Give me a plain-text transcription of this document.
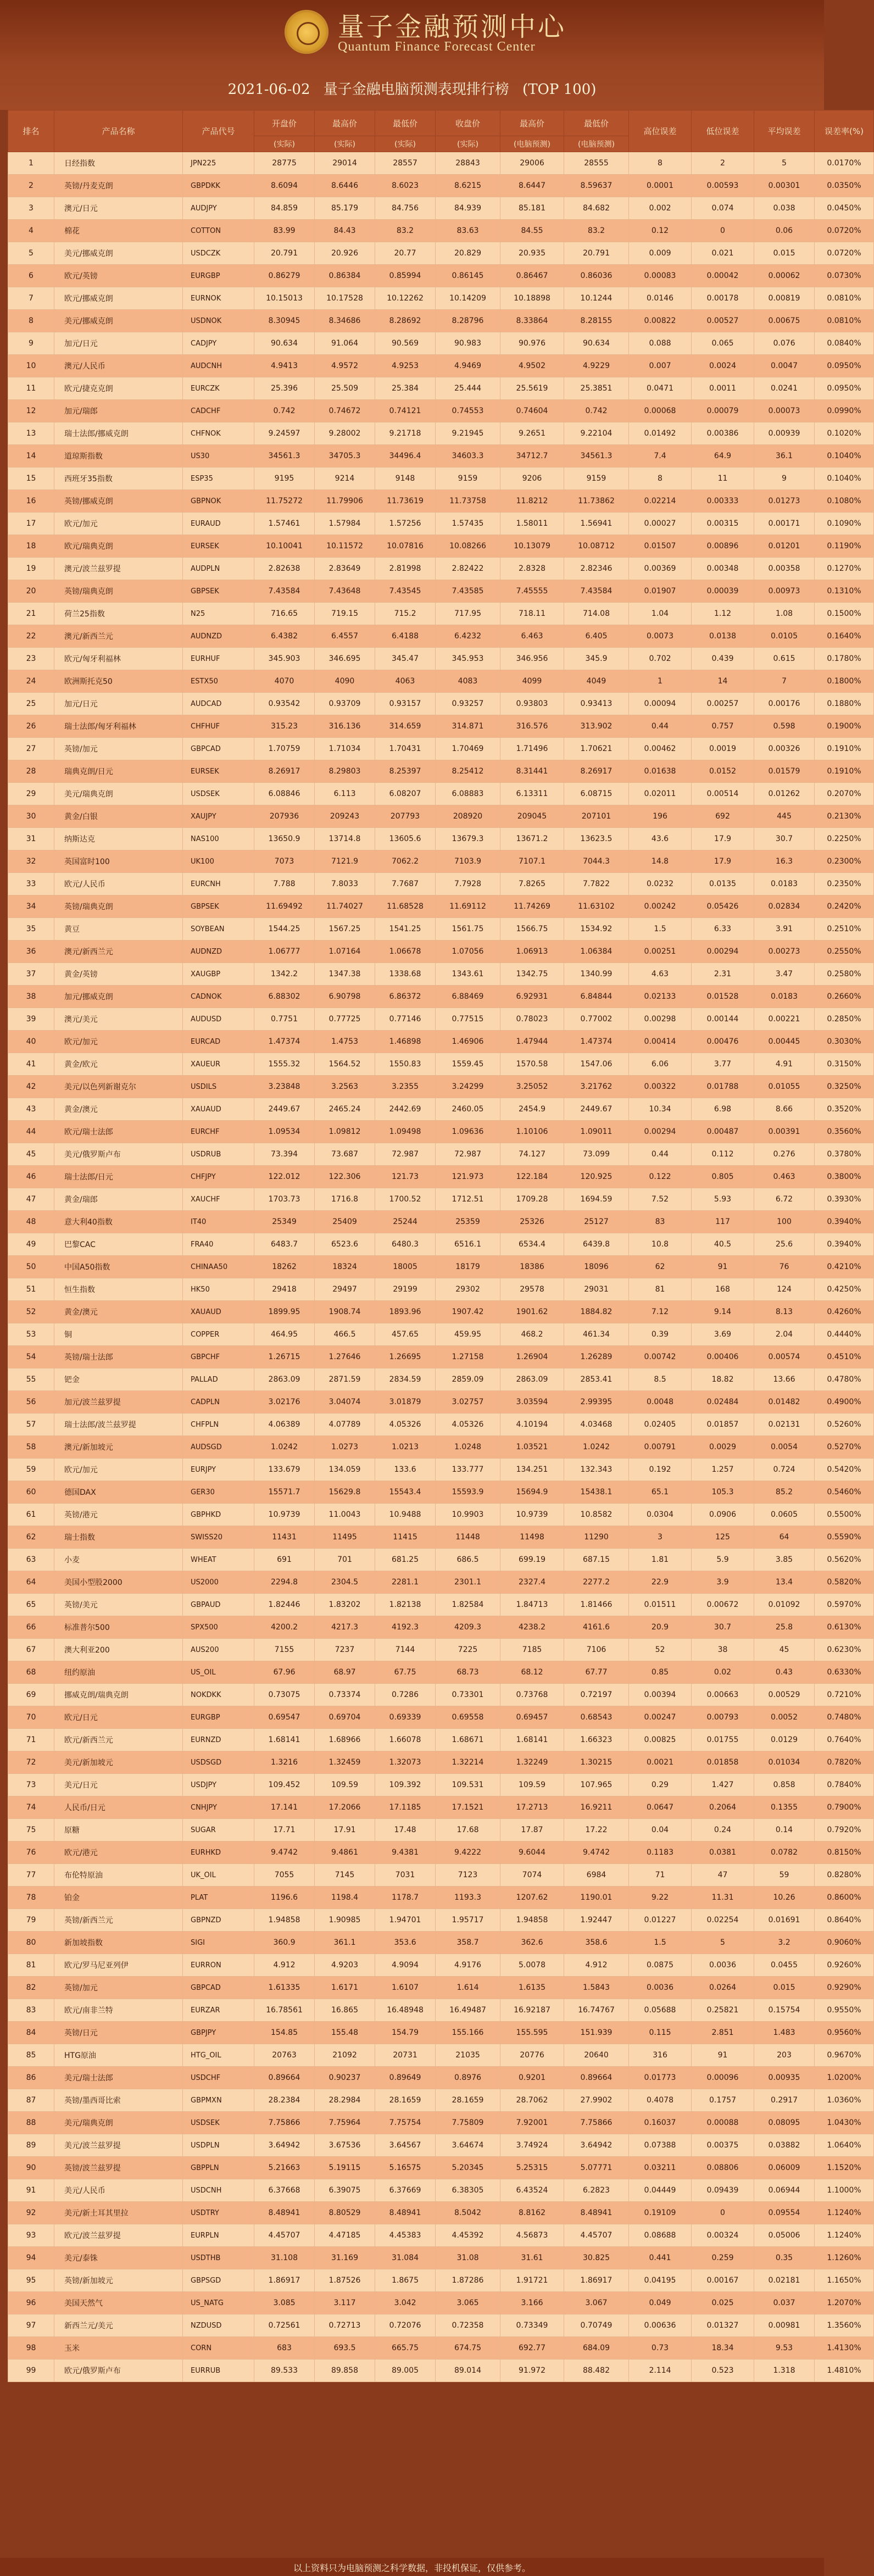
量子金融预测中心
Quantum Finance Forecast Center
2021-06-02 量子金融电脑预测表现排行榜 (TOP 100)
排名	产品名称	产品代号	开盘价	最高价	最低价	收盘价	最高价	最低价	高位误差	低位误差	平均误差	误差率(%)
			(实际)	(实际)	(实际)	(实际)	(电脑预测)	(电脑预测)				
1	日经指数	JPN225	28775	29014	28557	28843	29006	28555	8	2	5	0.0170%
2	英镑/丹麦克朗	GBPDKK	8.6094	8.6446	8.6023	8.6215	8.6447	8.59637	0.0001	0.00593	0.00301	0.0350%
3	澳元/日元	AUDJPY	84.859	85.179	84.756	84.939	85.181	84.682	0.002	0.074	0.038	0.0450%
4	棉花	COTTON	83.99	84.43	83.2	83.63	84.55	83.2	0.12	0	0.06	0.0720%
5	美元/挪威克朗	USDCZK	20.791	20.926	20.77	20.829	20.935	20.791	0.009	0.021	0.015	0.0720%
6	欧元/英镑	EURGBP	0.86279	0.86384	0.85994	0.86145	0.86467	0.86036	0.00083	0.00042	0.00062	0.0730%
7	欧元/挪威克朗	EURNOK	10.15013	10.17528	10.12262	10.14209	10.18898	10.1244	0.0146	0.00178	0.00819	0.0810%
8	美元/挪威克朗	USDNOK	8.30945	8.34686	8.28692	8.28796	8.33864	8.28155	0.00822	0.00527	0.00675	0.0810%
9	加元/日元	CADJPY	90.634	91.064	90.569	90.983	90.976	90.634	0.088	0.065	0.076	0.0840%
10	澳元/人民币	AUDCNH	4.9413	4.9572	4.9253	4.9469	4.9502	4.9229	0.007	0.0024	0.0047	0.0950%
11	欧元/捷克克朗	EURCZK	25.396	25.509	25.384	25.444	25.5619	25.3851	0.0471	0.0011	0.0241	0.0950%
12	加元/瑞郎	CADCHF	0.742	0.74672	0.74121	0.74553	0.74604	0.742	0.00068	0.00079	0.00073	0.0990%
13	瑞士法郎/挪威克朗	CHFNOK	9.24597	9.28002	9.21718	9.21945	9.2651	9.22104	0.01492	0.00386	0.00939	0.1020%
14	道琼斯指数	US30	34561.3	34705.3	34496.4	34603.3	34712.7	34561.3	7.4	64.9	36.1	0.1040%
15	西班牙35指数	ESP35	9195	9214	9148	9159	9206	9159	8	11	9	0.1040%
16	英镑/挪威克朗	GBPNOK	11.75272	11.79906	11.73619	11.73758	11.8212	11.73862	0.02214	0.00333	0.01273	0.1080%
17	欧元/加元	EURAUD	1.57461	1.57984	1.57256	1.57435	1.58011	1.56941	0.00027	0.00315	0.00171	0.1090%
18	欧元/瑞典克朗	EURSEK	10.10041	10.11572	10.07816	10.08266	10.13079	10.08712	0.01507	0.00896	0.01201	0.1190%
19	澳元/波兰兹罗提	AUDPLN	2.82638	2.83649	2.81998	2.82422	2.8328	2.82346	0.00369	0.00348	0.00358	0.1270%
20	英镑/瑞典克朗	GBPSEK	7.43584	7.43648	7.43545	7.43585	7.45555	7.43584	0.01907	0.00039	0.00973	0.1310%
21	荷兰25指数	N25	716.65	719.15	715.2	717.95	718.11	714.08	1.04	1.12	1.08	0.1500%
22	澳元/新西兰元	AUDNZD	6.4382	6.4557	6.4188	6.4232	6.463	6.405	0.0073	0.0138	0.0105	0.1640%
23	欧元/匈牙利福林	EURHUF	345.903	346.695	345.47	345.953	346.956	345.9	0.702	0.439	0.615	0.1780%
24	欧洲斯托克50	ESTX50	4070	4090	4063	4083	4099	4049	1	14	7	0.1800%
25	加元/日元	AUDCAD	0.93542	0.93709	0.93157	0.93257	0.93803	0.93413	0.00094	0.00257	0.00176	0.1880%
26	瑞士法郎/匈牙利福林	CHFHUF	315.23	316.136	314.659	314.871	316.576	313.902	0.44	0.757	0.598	0.1900%
27	英镑/加元	GBPCAD	1.70759	1.71034	1.70431	1.70469	1.71496	1.70621	0.00462	0.0019	0.00326	0.1910%
28	瑞典克朗/日元	EURSEK	8.26917	8.29803	8.25397	8.25412	8.31441	8.26917	0.01638	0.0152	0.01579	0.1910%
29	美元/瑞典克朗	USDSEK	6.08846	6.113	6.08207	6.08883	6.13311	6.08715	0.02011	0.00514	0.01262	0.2070%
30	黄金/白银	XAUJPY	207936	209243	207793	208920	209045	207101	196	692	445	0.2130%
31	纳斯达克	NAS100	13650.9	13714.8	13605.6	13679.3	13671.2	13623.5	43.6	17.9	30.7	0.2250%
32	英国富时100	UK100	7073	7121.9	7062.2	7103.9	7107.1	7044.3	14.8	17.9	16.3	0.2300%
33	欧元/人民币	EURCNH	7.788	7.8033	7.7687	7.7928	7.8265	7.7822	0.0232	0.0135	0.0183	0.2350%
34	英镑/瑞典克朗	GBPSEK	11.69492	11.74027	11.68528	11.69112	11.74269	11.63102	0.00242	0.05426	0.02834	0.2420%
35	黄豆	SOYBEAN	1544.25	1567.25	1541.25	1561.75	1566.75	1534.92	1.5	6.33	3.91	0.2510%
36	澳元/新西兰元	AUDNZD	1.06777	1.07164	1.06678	1.07056	1.06913	1.06384	0.00251	0.00294	0.00273	0.2550%
37	黄金/英镑	XAUGBP	1342.2	1347.38	1338.68	1343.61	1342.75	1340.99	4.63	2.31	3.47	0.2580%
38	加元/挪威克朗	CADNOK	6.88302	6.90798	6.86372	6.88469	6.92931	6.84844	0.02133	0.01528	0.0183	0.2660%
39	澳元/美元	AUDUSD	0.7751	0.77725	0.77146	0.77515	0.78023	0.77002	0.00298	0.00144	0.00221	0.2850%
40	欧元/加元	EURCAD	1.47374	1.4753	1.46898	1.46906	1.47944	1.47374	0.00414	0.00476	0.00445	0.3030%
41	黄金/欧元	XAUEUR	1555.32	1564.52	1550.83	1559.45	1570.58	1547.06	6.06	3.77	4.91	0.3150%
42	美元/以色列新谢克尔	USDILS	3.23848	3.2563	3.2355	3.24299	3.25052	3.21762	0.00322	0.01788	0.01055	0.3250%
43	黄金/澳元	XAUAUD	2449.67	2465.24	2442.69	2460.05	2454.9	2449.67	10.34	6.98	8.66	0.3520%
44	欧元/瑞士法郎	EURCHF	1.09534	1.09812	1.09498	1.09636	1.10106	1.09011	0.00294	0.00487	0.00391	0.3560%
45	美元/俄罗斯卢布	USDRUB	73.394	73.687	72.987	72.987	74.127	73.099	0.44	0.112	0.276	0.3780%
46	瑞士法郎/日元	CHFJPY	122.012	122.306	121.73	121.973	122.184	120.925	0.122	0.805	0.463	0.3800%
47	黄金/瑞郎	XAUCHF	1703.73	1716.8	1700.52	1712.51	1709.28	1694.59	7.52	5.93	6.72	0.3930%
48	意大利40指数	IT40	25349	25409	25244	25359	25326	25127	83	117	100	0.3940%
49	巴黎CAC	FRA40	6483.7	6523.6	6480.3	6516.1	6534.4	6439.8	10.8	40.5	25.6	0.3940%
50	中国A50指数	CHINAA50	18262	18324	18005	18179	18386	18096	62	91	76	0.4210%
51	恒生指数	HK50	29418	29497	29199	29302	29578	29031	81	168	124	0.4250%
52	黄金/澳元	XAUAUD	1899.95	1908.74	1893.96	1907.42	1901.62	1884.82	7.12	9.14	8.13	0.4260%
53	铜	COPPER	464.95	466.5	457.65	459.95	468.2	461.34	0.39	3.69	2.04	0.4440%
54	英镑/瑞士法郎	GBPCHF	1.26715	1.27646	1.26695	1.27158	1.26904	1.26289	0.00742	0.00406	0.00574	0.4510%
55	钯金	PALLAD	2863.09	2871.59	2834.59	2859.09	2863.09	2853.41	8.5	18.82	13.66	0.4780%
56	加元/波兰兹罗提	CADPLN	3.02176	3.04074	3.01879	3.02757	3.03594	2.99395	0.0048	0.02484	0.01482	0.4900%
57	瑞士法郎/波兰兹罗提	CHFPLN	4.06389	4.07789	4.05326	4.05326	4.10194	4.03468	0.02405	0.01857	0.02131	0.5260%
58	澳元/新加坡元	AUDSGD	1.0242	1.0273	1.0213	1.0248	1.03521	1.0242	0.00791	0.0029	0.0054	0.5270%
59	欧元/加元	EURJPY	133.679	134.059	133.6	133.777	134.251	132.343	0.192	1.257	0.724	0.5420%
60	德国DAX	GER30	15571.7	15629.8	15543.4	15593.9	15694.9	15438.1	65.1	105.3	85.2	0.5460%
61	英镑/港元	GBPHKD	10.9739	11.0043	10.9488	10.9903	10.9739	10.8582	0.0304	0.0906	0.0605	0.5500%
62	瑞士指数	SWISS20	11431	11495	11415	11448	11498	11290	3	125	64	0.5590%
63	小麦	WHEAT	691	701	681.25	686.5	699.19	687.15	1.81	5.9	3.85	0.5620%
64	美国小型股2000	US2000	2294.8	2304.5	2281.1	2301.1	2327.4	2277.2	22.9	3.9	13.4	0.5820%
65	英镑/美元	GBPAUD	1.82446	1.83202	1.82138	1.82584	1.84713	1.81466	0.01511	0.00672	0.01092	0.5970%
66	标准普尔500	SPX500	4200.2	4217.3	4192.3	4209.3	4238.2	4161.6	20.9	30.7	25.8	0.6130%
67	澳大利亚200	AUS200	7155	7237	7144	7225	7185	7106	52	38	45	0.6230%
68	纽约原油	US_OIL	67.96	68.97	67.75	68.73	68.12	67.77	0.85	0.02	0.43	0.6330%
69	挪威克朗/瑞典克朗	NOKDKK	0.73075	0.73374	0.7286	0.73301	0.73768	0.72197	0.00394	0.00663	0.00529	0.7210%
70	欧元/日元	EURGBP	0.69547	0.69704	0.69339	0.69558	0.69457	0.68543	0.00247	0.00793	0.0052	0.7480%
71	欧元/新西兰元	EURNZD	1.68141	1.68966	1.66078	1.68671	1.68141	1.66323	0.00825	0.01755	0.0129	0.7640%
72	美元/新加坡元	USDSGD	1.3216	1.32459	1.32073	1.32214	1.32249	1.30215	0.0021	0.01858	0.01034	0.7820%
73	美元/日元	USDJPY	109.452	109.59	109.392	109.531	109.59	107.965	0.29	1.427	0.858	0.7840%
74	人民币/日元	CNHJPY	17.141	17.2066	17.1185	17.1521	17.2713	16.9211	0.0647	0.2064	0.1355	0.7900%
75	原糖	SUGAR	17.71	17.91	17.48	17.68	17.87	17.22	0.04	0.24	0.14	0.7920%
76	欧元/港元	EURHKD	9.4742	9.4861	9.4381	9.4222	9.6044	9.4742	0.1183	0.0381	0.0782	0.8150%
77	布伦特原油	UK_OIL	7055	7145	7031	7123	7074	6984	71	47	59	0.8280%
78	铂金	PLAT	1196.6	1198.4	1178.7	1193.3	1207.62	1190.01	9.22	11.31	10.26	0.8600%
79	英镑/新西兰元	GBPNZD	1.94858	1.90985	1.94701	1.95717	1.94858	1.92447	0.01227	0.02254	0.01691	0.8640%
80	新加坡指数	SIGI	360.9	361.1	353.6	358.7	362.6	358.6	1.5	5	3.2	0.9060%
81	欧元/罗马尼亚列伊	EURRON	4.912	4.9203	4.9094	4.9176	5.0078	4.912	0.0875	0.0036	0.0455	0.9260%
82	英镑/加元	GBPCAD	1.61335	1.6171	1.6107	1.614	1.6135	1.5843	0.0036	0.0264	0.015	0.9290%
83	欧元/南非兰特	EURZAR	16.78561	16.865	16.48948	16.49487	16.92187	16.74767	0.05688	0.25821	0.15754	0.9550%
84	英镑/日元	GBPJPY	154.85	155.48	154.79	155.166	155.595	151.939	0.115	2.851	1.483	0.9560%
85	HTG原油	HTG_OIL	20763	21092	20731	21035	20776	20640	316	91	203	0.9670%
86	美元/瑞士法郎	USDCHF	0.89664	0.90237	0.89649	0.8976	0.9201	0.89664	0.01773	0.00096	0.00935	1.0200%
87	英镑/墨西哥比索	GBPMXN	28.2384	28.2984	28.1659	28.1659	28.7062	27.9902	0.4078	0.1757	0.2917	1.0360%
88	美元/瑞典克朗	USDSEK	7.75866	7.75964	7.75754	7.75809	7.92001	7.75866	0.16037	0.00088	0.08095	1.0430%
89	美元/波兰兹罗提	USDPLN	3.64942	3.67536	3.64567	3.64674	3.74924	3.64942	0.07388	0.00375	0.03882	1.0640%
90	英镑/波兰兹罗提	GBPPLN	5.21663	5.19115	5.16575	5.20345	5.25315	5.07771	0.03211	0.08806	0.06009	1.1520%
91	美元/人民币	USDCNH	6.37668	6.39075	6.37669	6.38305	6.43524	6.2823	0.04449	0.09439	0.06944	1.1000%
92	美元/新土耳其里拉	USDTRY	8.48941	8.80529	8.48941	8.5042	8.8162	8.48941	0.19109	0	0.09554	1.1240%
93	欧元/波兰兹罗提	EURPLN	4.45707	4.47185	4.45383	4.45392	4.56873	4.45707	0.08688	0.00324	0.05006	1.1240%
94	美元/泰铢	USDTHB	31.108	31.169	31.084	31.08	31.61	30.825	0.441	0.259	0.35	1.1260%
95	英镑/新加坡元	GBPSGD	1.86917	1.87526	1.8675	1.87286	1.91721	1.86917	0.04195	0.00167	0.02181	1.1650%
96	美国天然气	US_NATG	3.085	3.117	3.042	3.065	3.166	3.067	0.049	0.025	0.037	1.2070%
97	新西兰元/美元	NZDUSD	0.72561	0.72713	0.72076	0.72358	0.73349	0.70749	0.00636	0.01327	0.00981	1.3560%
98	玉米	CORN	683	693.5	665.75	674.75	692.77	684.09	0.73	18.34	9.53	1.4130%
99	欧元/俄罗斯卢布	EURRUB	89.533	89.858	89.005	89.014	91.972	88.482	2.114	0.523	1.318	1.4810%
以上资料只为电脑预测之科学数据，非投机保证，仅供参考。
